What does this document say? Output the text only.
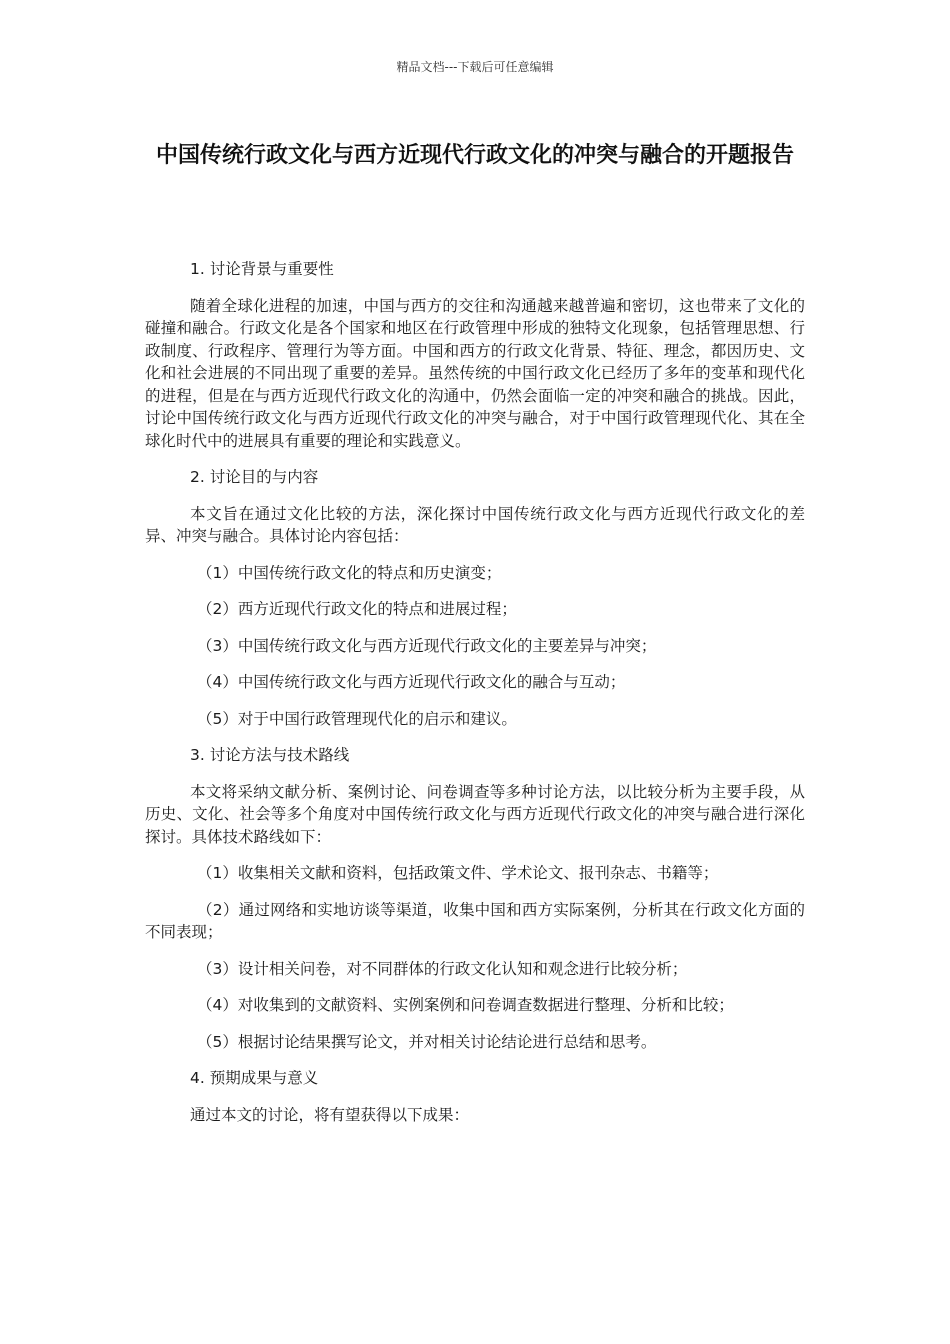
精品文档---下载后可任意编辑
中国传统行政文化与西方近现代行政文化的冲突与融合的开题报告

1. 讨论背景与重要性

随着全球化进程的加速，中国与西方的交往和沟通越来越普遍和密切，这也带来了文化的碰撞和融合。行政文化是各个国家和地区在行政管理中形成的独特文化现象，包括管理思想、行政制度、行政程序、管理行为等方面。中国和西方的行政文化背景、特征、理念，都因历史、文化和社会进展的不同出现了重要的差异。虽然传统的中国行政文化已经历了多年的变革和现代化的进程，但是在与西方近现代行政文化的沟通中，仍然会面临一定的冲突和融合的挑战。因此，讨论中国传统行政文化与西方近现代行政文化的冲突与融合，对于中国行政管理现代化、其在全球化时代中的进展具有重要的理论和实践意义。

2. 讨论目的与内容

本文旨在通过文化比较的方法，深化探讨中国传统行政文化与西方近现代行政文化的差异、冲突与融合。具体讨论内容包括：

（1）中国传统行政文化的特点和历史演变；

（2）西方近现代行政文化的特点和进展过程；

（3）中国传统行政文化与西方近现代行政文化的主要差异与冲突；

（4）中国传统行政文化与西方近现代行政文化的融合与互动；

（5）对于中国行政管理现代化的启示和建议。

3. 讨论方法与技术路线

本文将采纳文献分析、案例讨论、问卷调查等多种讨论方法，以比较分析为主要手段，从历史、文化、社会等多个角度对中国传统行政文化与西方近现代行政文化的冲突与融合进行深化探讨。具体技术路线如下：

（1）收集相关文献和资料，包括政策文件、学术论文、报刊杂志、书籍等；

（2）通过网络和实地访谈等渠道，收集中国和西方实际案例，分析其在行政文化方面的不同表现；

（3）设计相关问卷，对不同群体的行政文化认知和观念进行比较分析；

（4）对收集到的文献资料、实例案例和问卷调查数据进行整理、分析和比较；

（5）根据讨论结果撰写论文，并对相关讨论结论进行总结和思考。

4. 预期成果与意义

通过本文的讨论，将有望获得以下成果：
